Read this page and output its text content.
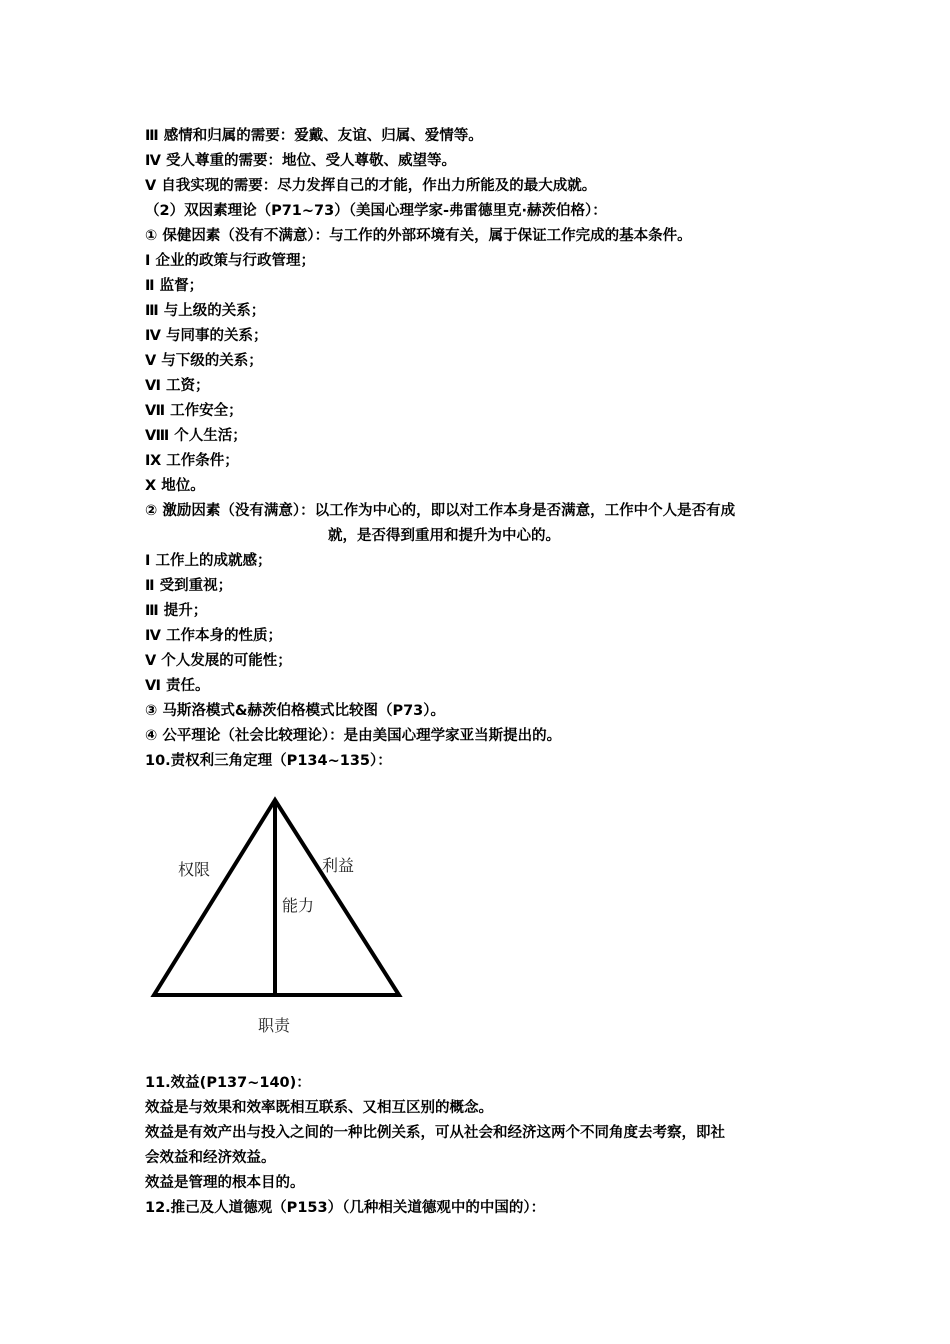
Ⅲ 感情和归属的需要：爱戴、友谊、归属、爱情等。
Ⅳ 受人尊重的需要：地位、受人尊敬、威望等。
Ⅴ 自我实现的需要：尽力发挥自己的才能，作出力所能及的最大成就。
（2）双因素理论（P71~73）（美国心理学家-弗雷德里克·赫茨伯格）：
① 保健因素（没有不满意）：与工作的外部环境有关，属于保证工作完成的基本条件。
Ⅰ 企业的政策与行政管理；
Ⅱ 监督；
Ⅲ 与上级的关系；
Ⅳ 与同事的关系；
Ⅴ 与下级的关系；
Ⅵ 工资；
Ⅶ 工作安全；
Ⅷ 个人生活；
Ⅸ 工作条件；
Ⅹ 地位。
② 激励因素（没有满意）：以工作为中心的，即以对工作本身是否满意，工作中个人是否有成
就，是否得到重用和提升为中心的。
Ⅰ 工作上的成就感；
Ⅱ 受到重视；
Ⅲ 提升；
Ⅳ 工作本身的性质；
Ⅴ 个人发展的可能性；
Ⅵ 责任。
③ 马斯洛模式&赫茨伯格模式比较图（P73）。
④ 公平理论（社会比较理论）：是由美国心理学家亚当斯提出的。
10.责权利三角定理（P134~135）：
权限	利益
能力
职责
11.效益(P137~140)：
效益是与效果和效率既相互联系、又相互区别的概念。
效益是有效产出与投入之间的一种比例关系，可从社会和经济这两个不同角度去考察，即社
会效益和经济效益。
效益是管理的根本目的。
12.推己及人道德观（P153）（几种相关道德观中的中国的）：
